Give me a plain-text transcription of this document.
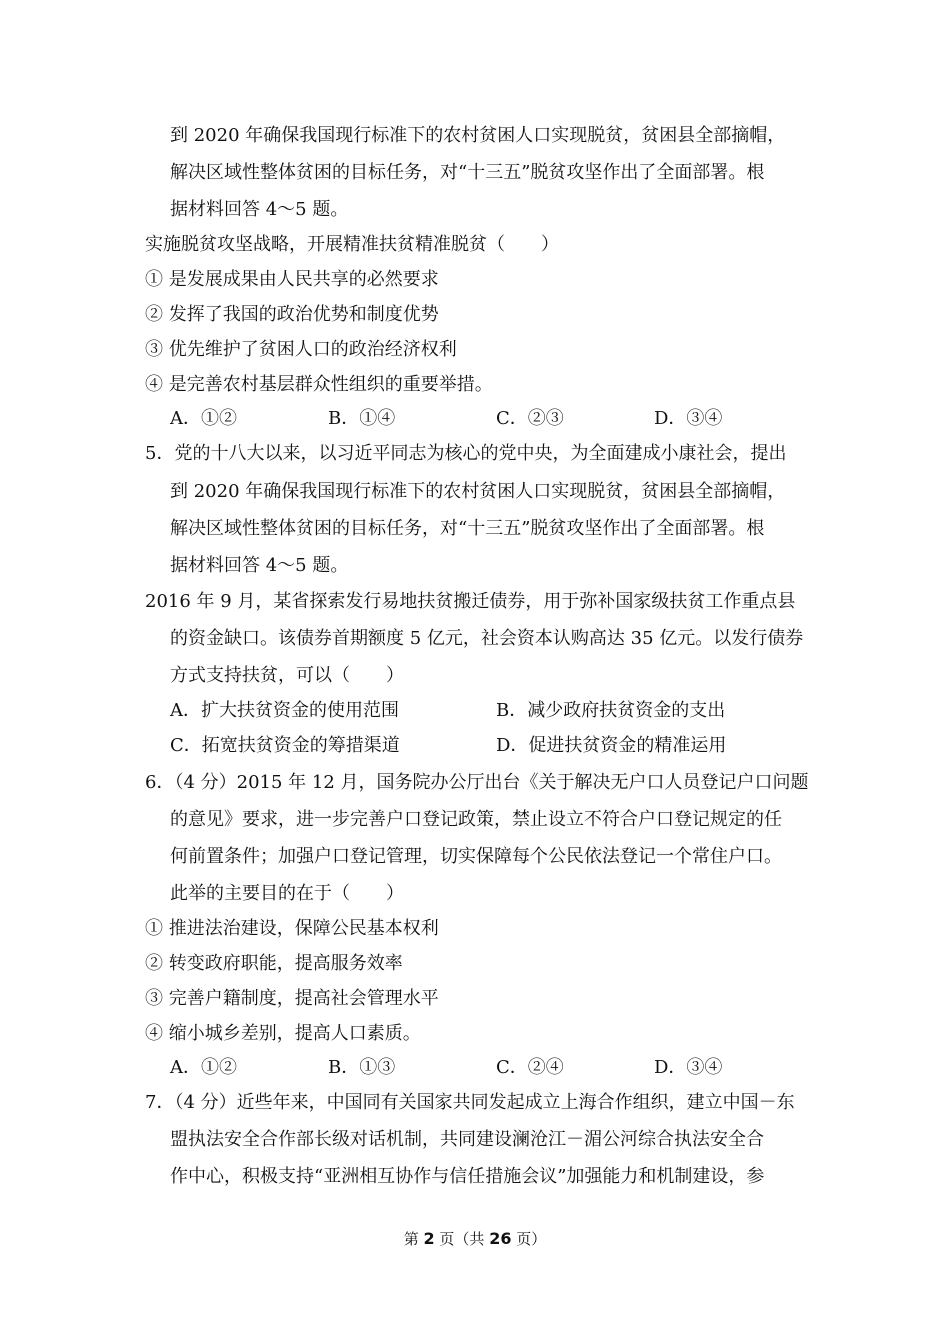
到 2020 年确保我国现行标准下的农村贫困人口实现脱贫，贫困县全部摘帽，
解决区域性整体贫困的目标任务，对“十三五”脱贫攻坚作出了全面部署。根
据材料回答 4～5 题。
实施脱贫攻坚战略，开展精准扶贫精准脱贫（　　）
① 是发展成果由人民共享的必然要求
② 发挥了我国的政治优势和制度优势
③ 优先维护了贫困人口的政治经济权利
④ 是完善农村基层群众性组织的重要举措。
A．①②	B．①④	C．②③	D．③④
5．党的十八大以来，以习近平同志为核心的党中央，为全面建成小康社会，提出
到 2020 年确保我国现行标准下的农村贫困人口实现脱贫，贫困县全部摘帽，
解决区域性整体贫困的目标任务，对“十三五”脱贫攻坚作出了全面部署。根
据材料回答 4～5 题。
2016 年 9 月，某省探索发行易地扶贫搬迁债券，用于弥补国家级扶贫工作重点县
的资金缺口。该债券首期额度 5 亿元，社会资本认购高达 35 亿元。以发行债券
方式支持扶贫，可以（　　）
A．扩大扶贫资金的使用范围	B．减少政府扶贫资金的支出
C．拓宽扶贫资金的筹措渠道	D．促进扶贫资金的精准运用
6．（4 分）2015 年 12 月，国务院办公厅出台《关于解决无户口人员登记户口问题
的意见》要求，进一步完善户口登记政策，禁止设立不符合户口登记规定的任
何前置条件；加强户口登记管理，切实保障每个公民依法登记一个常住户口。
此举的主要目的在于（　　）
① 推进法治建设，保障公民基本权利
② 转变政府职能，提高服务效率
③ 完善户籍制度，提高社会管理水平
④ 缩小城乡差别，提高人口素质。
A．①②	B．①③	C．②④	D．③④
7．（4 分）近些年来，中国同有关国家共同发起成立上海合作组织，建立中国－东
盟执法安全合作部长级对话机制，共同建设澜沧江－湄公河综合执法安全合
作中心，积极支持“亚洲相互协作与信任措施会议”加强能力和机制建设，参
第 2 页（共 26 页）
